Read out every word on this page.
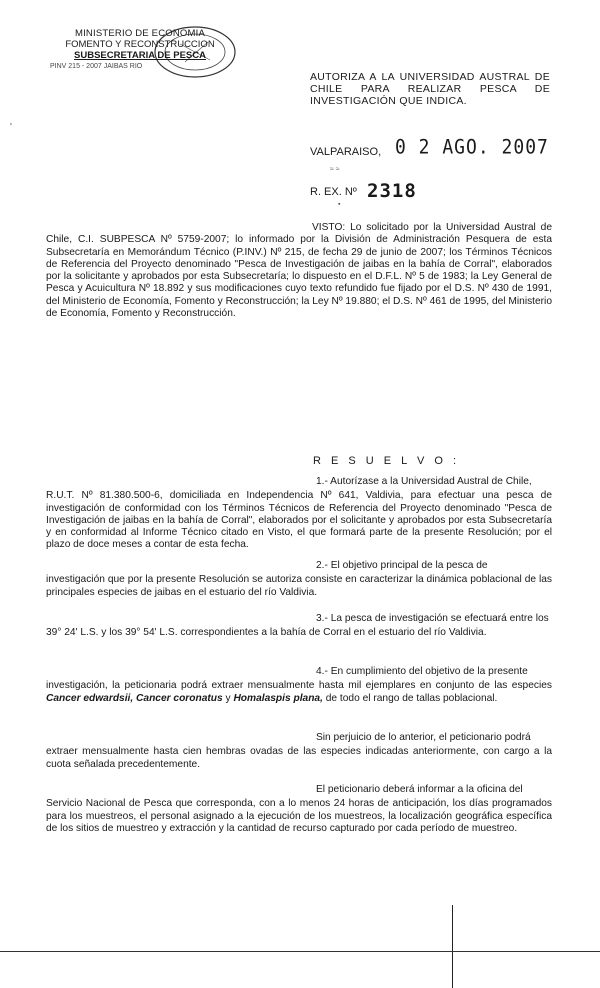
MINISTERIO DE ECONOMIA
FOMENTO Y RECONSTRUCCION
SUBSECRETARIA DE PESCA
PINV 215 - 2007 JAIBAS RIO
'
AUTORIZA A LA UNIVERSIDAD AUSTRAL DE
CHILE PARA REALIZAR PESCA DE
INVESTIGACIÓN QUE INDICA.
VALPARAISO, 0 2 AGO. 2007
≈ ≈
R. EX. Nº 2318
▪
VISTO: Lo solicitado por la Universidad Austral de Chile, C.I. SUBPESCA Nº 5759-2007; lo informado por la División de Administración Pesquera de esta Subsecretaría en Memorándum Técnico (P.INV.) Nº 215, de fecha 29 de junio de 2007; los Términos Técnicos de Referencia del Proyecto denominado "Pesca de Investigación de jaibas en la bahía de Corral", elaborados por la solicitante y aprobados por esta Subsecretaría; lo dispuesto en el D.F.L. Nº 5 de 1983; la Ley General de Pesca y Acuicultura Nº 18.892 y sus modificaciones cuyo texto refundido fue fijado por el D.S. Nº 430 de 1991, del Ministerio de Economía, Fomento y Reconstrucción; la Ley Nº 19.880; el D.S. Nº 461 de 1995, del Ministerio de Economía, Fomento y Reconstrucción.
R E S U E L V O :
1.- Autorízase a la Universidad Austral de Chile,
R.U.T. Nº 81.380.500-6, domiciliada en Independencia Nº 641, Valdivia, para efectuar una pesca de investigación de conformidad con los Términos Técnicos de Referencia del Proyecto denominado "Pesca de Investigación de jaibas en la bahía de Corral", elaborados por el solicitante y aprobados por esta Subsecretaría y en conformidad al Informe Técnico citado en Visto, el que formará parte de la presente Resolución; por el plazo de doce meses a contar de esta fecha.
2.- El objetivo principal de la pesca de
investigación que por la presente Resolución se autoriza consiste en caracterizar la dinámica poblacional de las principales especies de jaibas en el estuario del río Valdivia.
3.- La pesca de investigación se efectuará entre los
39° 24' L.S. y los 39° 54' L.S. correspondientes a la bahía de Corral en el estuario del río Valdivia.
4.- En cumplimiento del objetivo de la presente
investigación, la peticionaria podrá extraer mensualmente hasta mil ejemplares en conjunto de las especies Cancer edwardsii, Cancer coronatus y Homalaspis plana, de todo el rango de tallas poblacional.
Sin perjuicio de lo anterior, el peticionario podrá
extraer mensualmente hasta cien hembras ovadas de las especies indicadas anteriormente, con cargo a la cuota señalada precedentemente.
El peticionario deberá informar a la oficina del
Servicio Nacional de Pesca que corresponda, con a lo menos 24 horas de anticipación, los días programados para los muestreos, el personal asignado a la ejecución de los muestreos, la localización geográfica específica de los sitios de muestreo y extracción y la cantidad de recurso capturado por cada período de muestreo.
